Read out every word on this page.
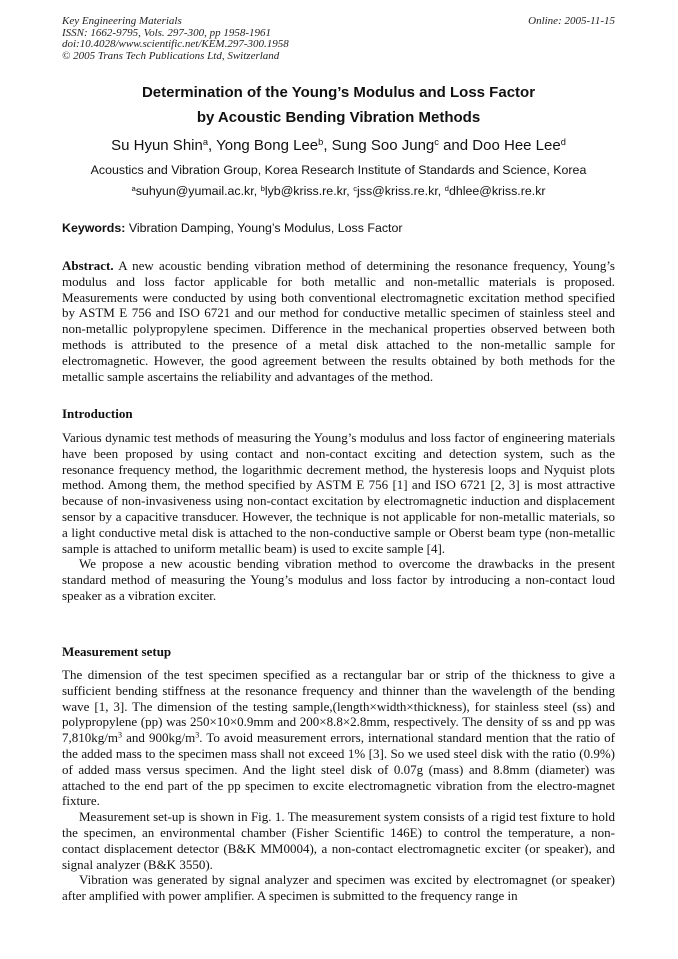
Key Engineering Materials
ISSN: 1662-9795, Vols. 297-300, pp 1958-1961
doi:10.4028/www.scientific.net/KEM.297-300.1958
© 2005 Trans Tech Publications Ltd, Switzerland
Online: 2005-11-15
Determination of the Young’s Modulus and Loss Factor
by Acoustic Bending Vibration Methods
Su Hyun Shin$^a$, Yong Bong Lee$^b$, Sung Soo Jung$^c$ and Doo Hee Lee$^d$
Acoustics and Vibration Group, Korea Research Institute of Standards and Science, Korea
$^a$suhyun@yumail.ac.kr, $^b$lyb@kriss.re.kr, $^c$jss@kriss.re.kr, $^d$dhlee@kriss.re.kr
Keywords: Vibration Damping, Young’s Modulus, Loss Factor

Abstract. A new acoustic bending vibration method of determining the resonance frequency, Young’s modulus and loss factor applicable for both metallic and non-metallic materials is proposed. Measurements were conducted by using both conventional electromagnetic excitation method specified by ASTM E 756 and ISO 6721 and our method for conductive metallic specimen of stainless steel and non-metallic polypropylene specimen. Difference in the mechanical properties observed between both methods is attributed to the presence of a metal disk attached to the non-metallic sample for electromagnetic. However, the good agreement between the results obtained by both methods for the metallic sample ascertains the reliability and advantages of the method.

Introduction

Various dynamic test methods of measuring the Young’s modulus and loss factor of engineering materials have been proposed by using contact and non-contact exciting and detection system, such as the resonance frequency method, the logarithmic decrement method, the hysteresis loops and Nyquist plots method. Among them, the method specified by ASTM E 756 [1] and ISO 6721 [2, 3] is most attractive because of non-invasiveness using non-contact excitation by electromagnetic induction and displacement sensor by a capacitive transducer. However, the technique is not applicable for non-metallic materials, so a light conductive metal disk is attached to the non-conductive sample or Oberst beam type (non-metallic sample is attached to uniform metallic beam) is used to excite sample [4].

We propose a new acoustic bending vibration method to overcome the drawbacks in the present standard method of measuring the Young’s modulus and loss factor by introducing a non-contact loud speaker as a vibration exciter.

Measurement setup

The dimension of the test specimen specified as a rectangular bar or strip of the thickness to give a sufficient bending stiffness at the resonance frequency and thinner than the wavelength of the bending wave [1, 3]. The dimension of the testing sample,(length×width×thickness), for stainless steel (ss) and polypropylene (pp) was 250×10×0.9mm and 200×8.8×2.8mm, respectively. The density of ss and pp was $7,810kg/m^3$ and $900kg/m^3$. To avoid measurement errors, international standard mention that the ratio of the added mass to the specimen mass shall not exceed 1% [3]. So we used steel disk with the ratio (0.9%) of added mass versus specimen. And the light steel disk of 0.07g (mass) and 8.8mm (diameter) was attached to the end part of the pp specimen to excite electromagnetic vibration from the electro-magnet fixture.

Measurement set-up is shown in Fig. 1. The measurement system consists of a rigid test fixture to hold the specimen, an environmental chamber (Fisher Scientific 146E) to control the temperature, a non-contact displacement detector (B&K MM0004), a non-contact electromagnetic exciter (or speaker), and signal analyzer (B&K 3550).

Vibration was generated by signal analyzer and specimen was excited by electromagnet (or speaker) after amplified with power amplifier. A specimen is submitted to the frequency range in
